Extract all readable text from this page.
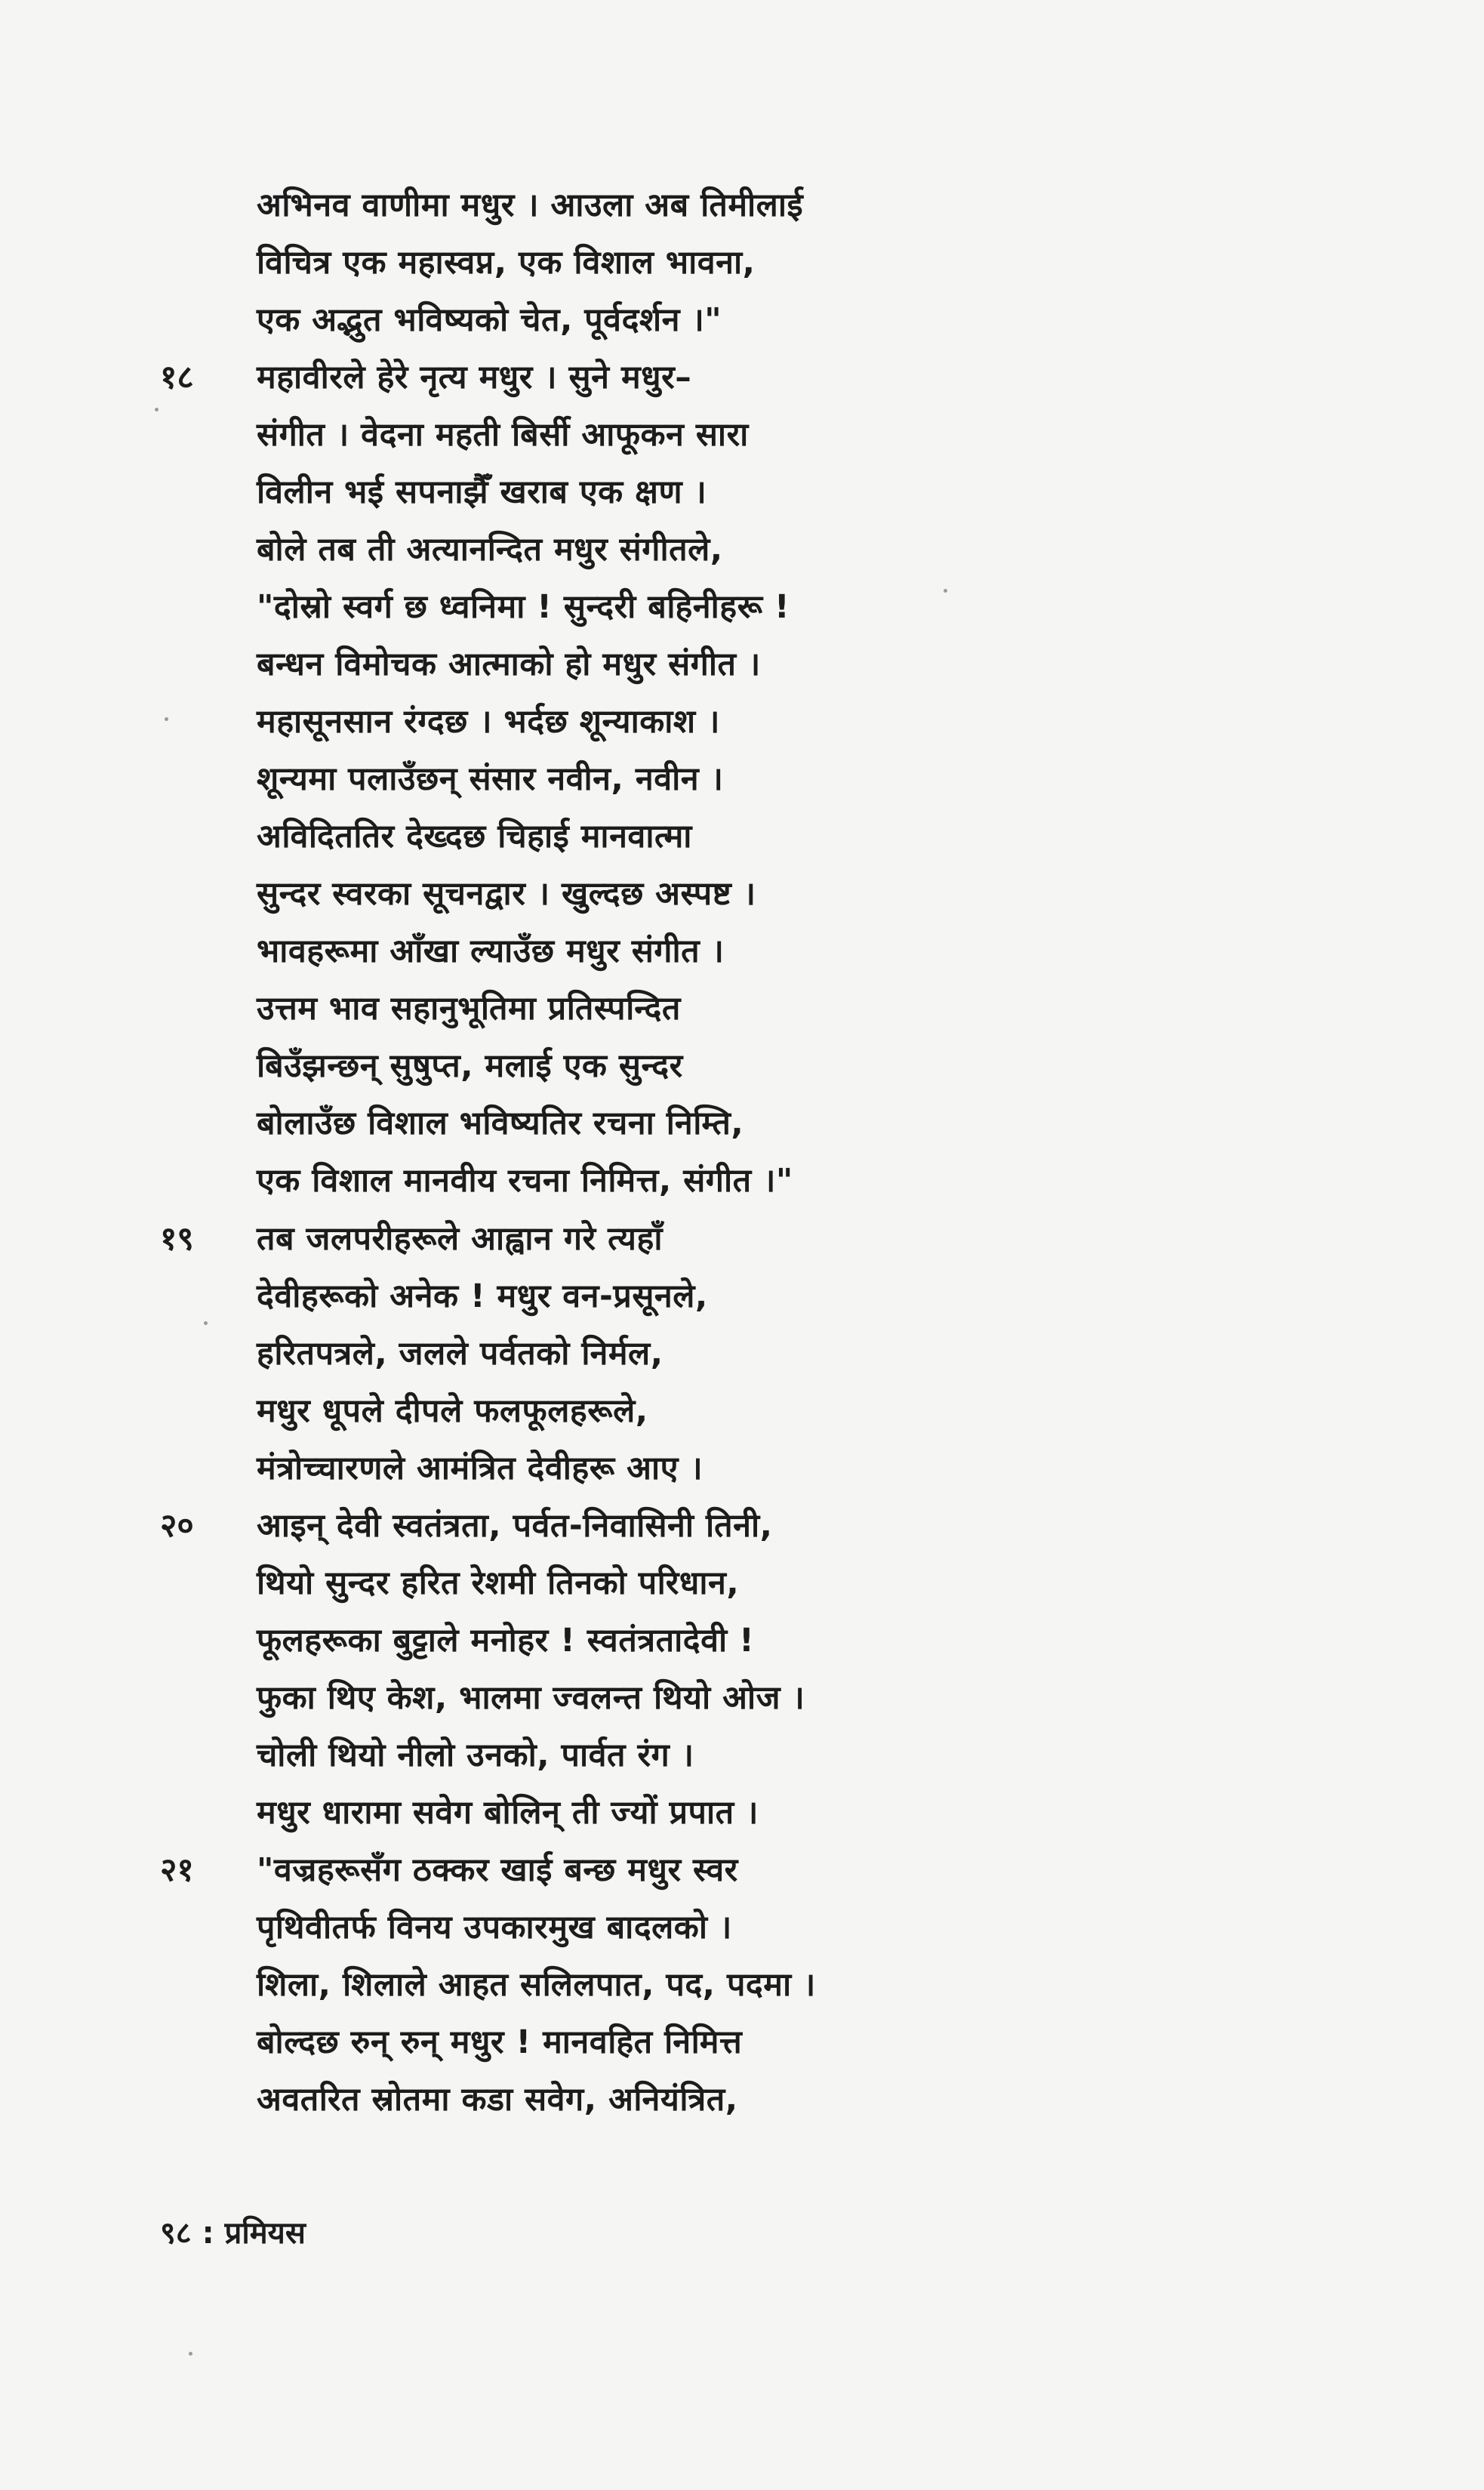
१८
१९
२०
२१
अभिनव वाणीमा मधुर । आउला अब तिमीलाई
विचित्र एक महास्वप्न, एक विशाल भावना,
एक अद्भुत भविष्यको चेत, पूर्वदर्शन ।"
महावीरले हेरे नृत्य मधुर । सुने मधुर–
संगीत । वेदना महती बिर्सी आफूकन सारा
विलीन भई सपनाझैँ खराब एक क्षण ।
बोले तब ती अत्यानन्दित मधुर संगीतले,
"दोस्रो स्वर्ग छ ध्वनिमा ! सुन्दरी बहिनीहरू !
बन्धन विमोचक आत्माको हो मधुर संगीत ।
महासूनसान रंग्दछ । भर्दछ शून्याकाश ।
शून्यमा पलाउँछन् संसार नवीन, नवीन ।
अविदिततिर देख्दछ चिहाई मानवात्मा
सुन्दर स्वरका सूचनद्वार । खुल्दछ अस्पष्ट ।
भावहरूमा आँखा ल्याउँछ मधुर संगीत ।
उत्तम भाव सहानुभूतिमा प्रतिस्पन्दित
बिउँझन्छन् सुषुप्त, मलाई एक सुन्दर
बोलाउँछ विशाल भविष्यतिर रचना निम्ति,
एक विशाल मानवीय रचना निमित्त, संगीत ।"
तब जलपरीहरूले आह्वान गरे त्यहाँ
देवीहरूको अनेक ! मधुर वन-प्रसूनले,
हरितपत्रले, जलले पर्वतको निर्मल,
मधुर धूपले दीपले फलफूलहरूले,
मंत्रोच्चारणले आमंत्रित देवीहरू आए ।
आइन् देवी स्वतंत्रता, पर्वत-निवासिनी तिनी,
थियो सुन्दर हरित रेशमी तिनको परिधान,
फूलहरूका बुट्टाले मनोहर ! स्वतंत्रतादेवी !
फुका थिए केश, भालमा ज्वलन्त थियो ओज ।
चोली थियो नीलो उनको, पार्वत रंग ।
मधुर धारामा सवेग बोलिन् ती ज्यों प्रपात ।
"वज्रहरूसँग ठक्कर खाई बन्छ मधुर स्वर
पृथिवीतर्फ विनय उपकारमुख बादलको ।
शिला, शिलाले आहत सलिलपात, पद, पदमा ।
बोल्दछ रुन् रुन् मधुर ! मानवहित निमित्त
अवतरित स्रोतमा कडा सवेग, अनियंत्रित,
९८ : प्रमियस
